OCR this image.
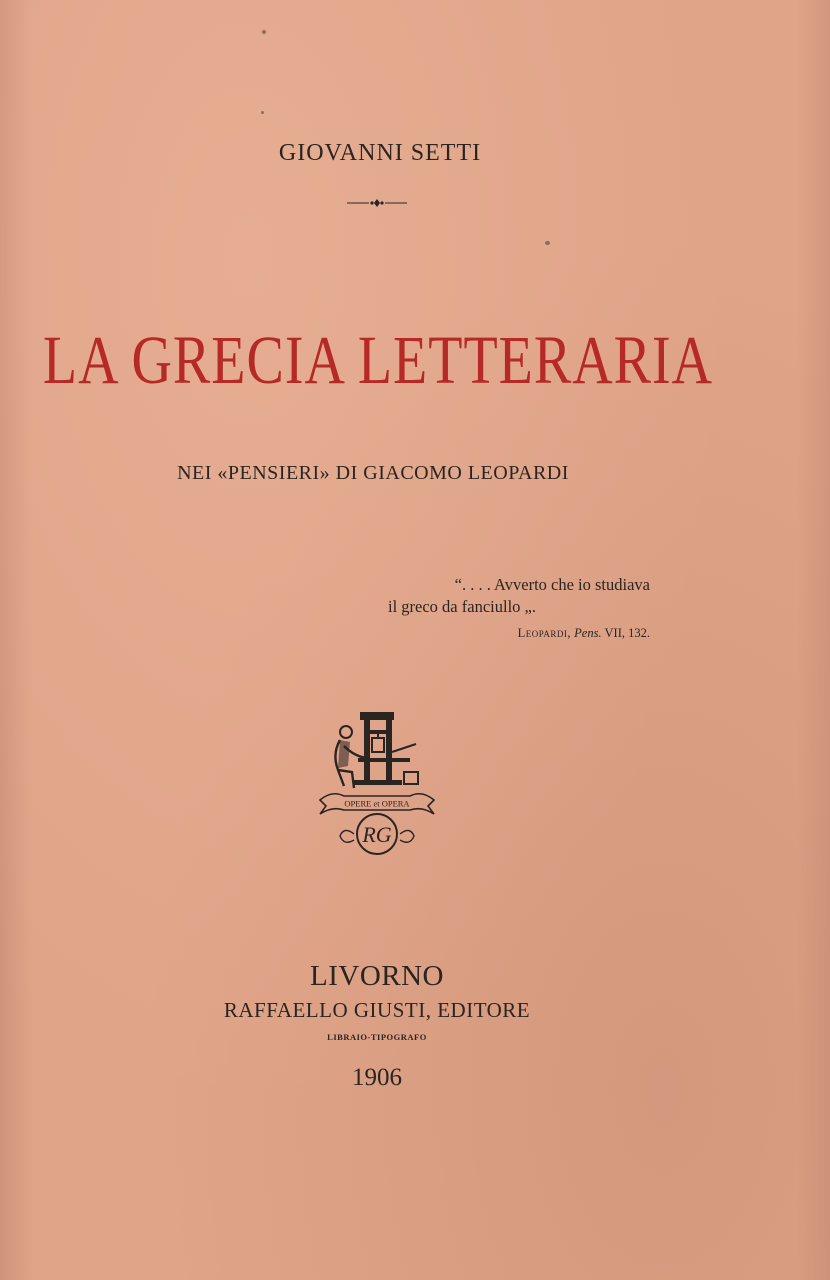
GIOVANNI SETTI
LA GRECIA LETTERARIA
NEI «PENSIERI» DI GIACOMO LEOPARDI
“. . . . Avverto che io studiava
il greco da fanciullo „.
Leopardi, Pens. VII, 132.
OPERE et OPERA
RG
LIVORNO
RAFFAELLO GIUSTI, EDITORE
LIBRAIO-TIPOGRAFO
1906
